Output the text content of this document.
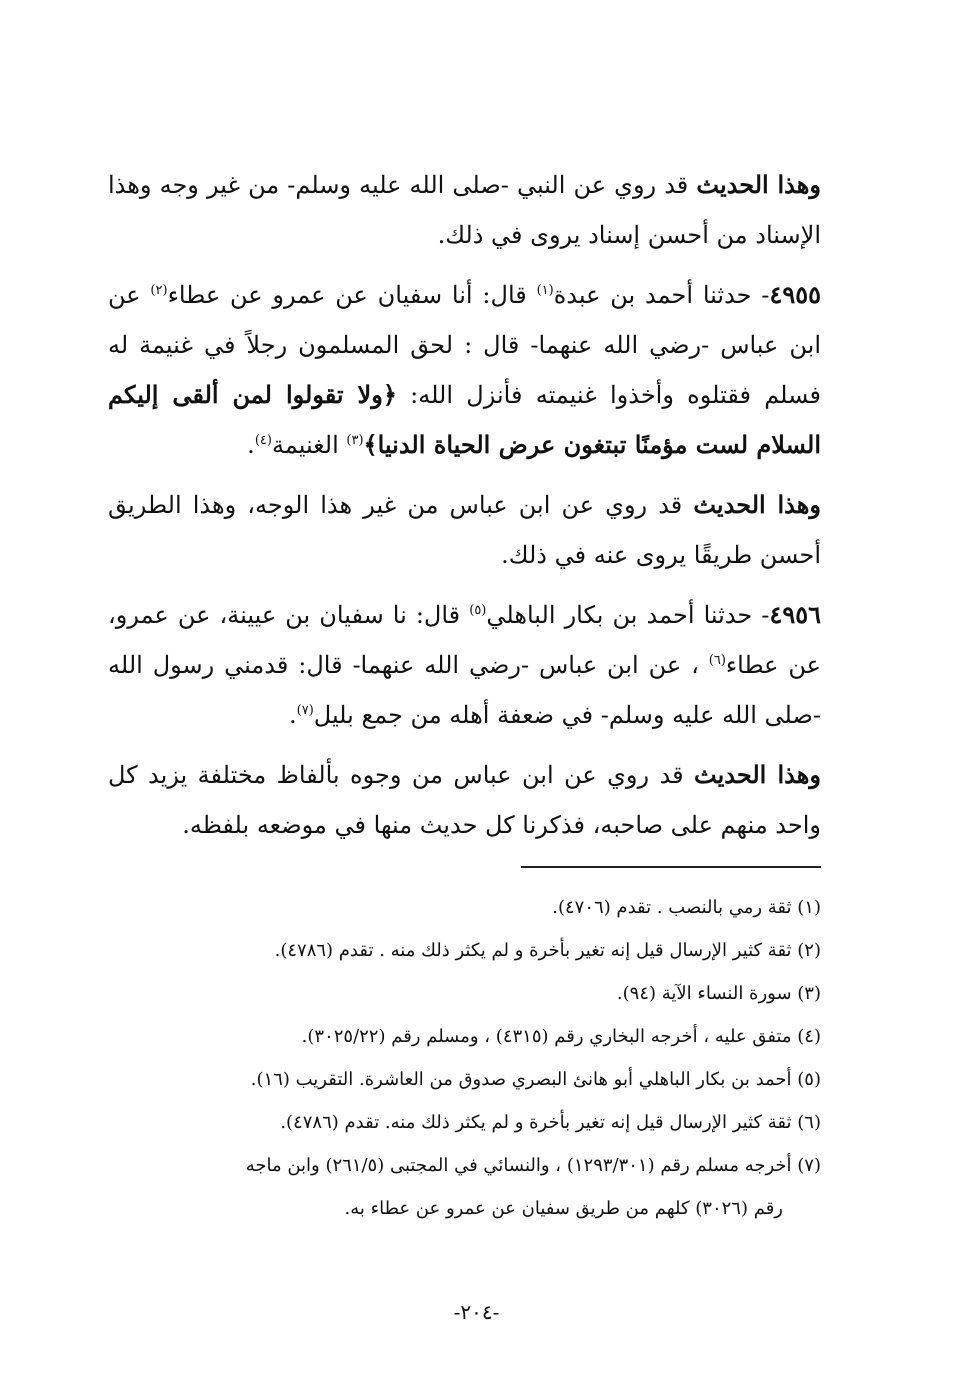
وهذا الحديث قد روي عن النبي -صلى الله عليه وسلم- من غير وجه وهذا الإسناد من أحسن إسناد يروى في ذلك.

٤٩٥٥- حدثنا أحمد بن عبدة$^{(١)}$ قال: أنا سفيان عن عمرو عن عطاء$^{(٢)}$ عن ابن عباس -رضي الله عنهما- قال : لحق المسلمون رجلاً في غنيمة له فسلم فقتلوه وأخذوا غنيمته فأنزل الله: ﴿ولا تقولوا لمن ألقى إليكم السلام لست مؤمنًا تبتغون عرض الحياة الدنيا﴾$^{(٣)}$ الغنيمة$^{(٤)}$.

وهذا الحديث قد روي عن ابن عباس من غير هذا الوجه، وهذا الطريق أحسن طريقًا يروى عنه في ذلك.

٤٩٥٦- حدثنا أحمد بن بكار الباهلي$^{(٥)}$ قال: نا سفيان بن عيينة، عن عمرو، عن عطاء$^{(٦)}$ ، عن ابن عباس -رضي الله عنهما- قال: قدمني رسول الله -صلى الله عليه وسلم- في ضعفة أهله من جمع بليل$^{(٧)}$.

وهذا الحديث قد روي عن ابن عباس من وجوه بألفاظ مختلفة يزيد كل واحد منهم على صاحبه، فذكرنا كل حديث منها في موضعه بلفظه.

(١) ثقة رمي بالنصب . تقدم (٤٧٠٦).

(٢) ثقة كثير الإرسال قيل إنه تغير بأخرة و لم يكثر ذلك منه . تقدم (٤٧٨٦).

(٣) سورة النساء الآية (٩٤).

(٤) متفق عليه ، أخرجه البخاري رقم (٤٣١٥) ، ومسلم رقم (٣٠٢٥/٢٢).

(٥) أحمد بن بكار الباهلي أبو هانئ البصري صدوق من العاشرة. التقريب (١٦).

(٦) ثقة كثير الإرسال قيل إنه تغير بأخرة و لم يكثر ذلك منه. تقدم (٤٧٨٦).

(٧) أخرجه مسلم رقم (١٢٩٣/٣٠١) ، والنسائي في المجتبى (٢٦١/٥) وابن ماجه
رقم (٣٠٢٦) كلهم من طريق سفيان عن عمرو عن عطاء به.

-٢٠٤-
